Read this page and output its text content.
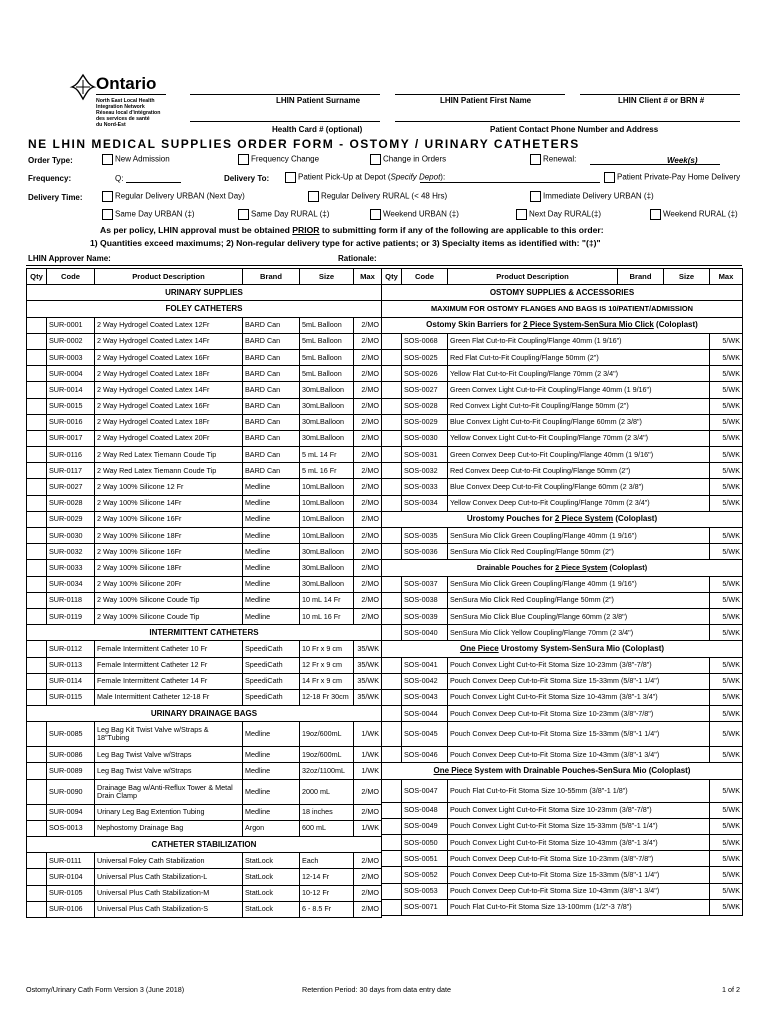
Ontario
North East Local Health
Integration Network
Réseau local d'intégration
des services de santé
du Nord-Est
LHIN Patient Surname	LHIN Patient First Name	LHIN Client # or BRN #
Health Card # (optional)	Patient Contact Phone Number and Address
NE LHIN MEDICAL SUPPLIES ORDER FORM - OSTOMY / URINARY CATHETERS
Order Type:	New Admission	Frequency Change	Change in Orders	Renewal:	Week(s)
Frequency:	Q:	Delivery To:	Patient Pick-Up at Depot (Specify Depot):	Patient Private-Pay Home Delivery
Delivery Time:	Regular Delivery URBAN (Next Day)	Regular Delivery RURAL (< 48 Hrs)	Immediate Delivery URBAN (‡)
Same Day URBAN (‡)	Same Day RURAL (‡)	Weekend URBAN (‡)	Next Day RURAL(‡)	Weekend RURAL (‡)
As per policy, LHIN approval must be obtained PRIOR to submitting form if any of the following are applicable to this order:
1) Quantities exceed maximums; 2) Non-regular delivery type for active patients; or 3) Specialty items as identified with: "(‡)"
LHIN Approver Name:	Rationale:
Qty	Code	Product Description	Brand	Size	Max
URINARY SUPPLIES					
FOLEY CATHETERS					
	SUR-0001	2 Way Hydrogel Coated Latex 12Fr	BARD Can	5mL Balloon	2/MO
	SUR-0002	2 Way Hydrogel Coated Latex 14Fr	BARD Can	5mL Balloon	2/MO
	SUR-0003	2 Way Hydrogel Coated Latex 16Fr	BARD Can	5mL Balloon	2/MO
	SUR-0004	2 Way Hydrogel Coated Latex 18Fr	BARD Can	5mL Balloon	2/MO
	SUR-0014	2 Way Hydrogel Coated Latex 14Fr	BARD Can	30mLBalloon	2/MO
	SUR-0015	2 Way Hydrogel Coated Latex 16Fr	BARD Can	30mLBalloon	2/MO
	SUR-0016	2 Way Hydrogel Coated Latex 18Fr	BARD Can	30mLBalloon	2/MO
	SUR-0017	2 Way Hydrogel Coated Latex 20Fr	BARD Can	30mLBalloon	2/MO
	SUR-0116	2 Way Red Latex Tiemann Coude Tip	BARD Can	5 mL 14 Fr	2/MO
	SUR-0117	2 Way Red Latex Tiemann Coude Tip	BARD Can	5 mL 16 Fr	2/MO
	SUR-0027	2 Way 100% Silicone 12 Fr	Medline	10mLBalloon	2/MO
	SUR-0028	2 Way 100% Silicone 14Fr	Medline	10mLBalloon	2/MO
	SUR-0029	2 Way 100% Silicone 16Fr	Medline	10mLBalloon	2/MO
	SUR-0030	2 Way 100% Silicone 18Fr	Medline	10mLBalloon	2/MO
	SUR-0032	2 Way 100% Silicone 16Fr	Medline	30mLBalloon	2/MO
	SUR-0033	2 Way 100% Silicone 18Fr	Medline	30mLBalloon	2/MO
	SUR-0034	2 Way 100% Silicone 20Fr	Medline	30mLBalloon	2/MO
	SUR-0118	2 Way 100% Silicone Coude Tip	Medline	10 mL 14 Fr	2/MO
	SUR-0119	2 Way 100% Silicone Coude Tip	Medline	10 mL 16 Fr	2/MO
INTERMITTENT CATHETERS					
	SUR-0112	Female Intermittent Catheter 10 Fr	SpeediCath	10 Fr x 9 cm	35/WK
	SUR-0113	Female Intermittent Catheter 12 Fr	SpeediCath	12 Fr x 9 cm	35/WK
	SUR-0114	Female Intermittent Catheter 14 Fr	SpeediCath	14 Fr x 9 cm	35/WK
	SUR-0115	Male Intermittent Catheter 12-18 Fr	SpeediCath	12-18 Fr 30cm	35/WK
URINARY DRAINAGE BAGS					
	SUR-0085	Leg Bag Kit Twist Valve w/Straps & 18"Tubing	Medline	19oz/600mL	1/WK
	SUR-0086	Leg Bag Twist Valve w/Straps	Medline	19oz/600mL	1/WK
	SUR-0089	Leg Bag Twist Valve w/Straps	Medline	32oz/1100mL	1/WK
	SUR-0090	Drainage Bag w/Anti-Reflux Tower & Metal Drain Clamp	Medline	2000 mL	2/MO
	SUR-0094	Urinary Leg Bag Extention Tubing	Medline	18 inches	2/MO
	SOS-0013	Nephostomy Drainage Bag	Argon	600 mL	1/WK
CATHETER STABILIZATION					
	SUR-0111	Universal Foley Cath Stabilization	StatLock	Each	2/MO
	SUR-0104	Universal Plus Cath Stabilization-L	StatLock	12-14 Fr	2/MO
	SUR-0105	Universal Plus Cath Stabilization-M	StatLock	10-12 Fr	2/MO
	SUR-0106	Universal Plus Cath Stabilization-S	StatLock	6 - 8.5 Fr	2/MO
Qty	Code	Product Description	Brand	Size	Max
OSTOMY SUPPLIES & ACCESSORIES					
MAXIMUM FOR OSTOMY FLANGES AND BAGS IS 10/PATIENT/ADMISSION					
Ostomy Skin Barriers for 2 Piece System-SenSura Mio Click (Coloplast)					
	SOS-0068	Green Flat Cut-to-Fit Coupling/Flange 40mm (1 9/16")			5/WK
	SOS-0025	Red Flat Cut-to-Fit Coupling/Flange 50mm (2")			5/WK
	SOS-0026	Yellow Flat Cut-to-Fit Coupling/Flange 70mm (2 3/4")			5/WK
	SOS-0027	Green Convex Light Cut-to-Fit Coupling/Flange 40mm (1 9/16")			5/WK
	SOS-0028	Red Convex Light Cut-to-Fit Coupling/Flange 50mm (2")			5/WK
	SOS-0029	Blue Convex Light Cut-to-Fit Coupling/Flange 60mm (2 3/8")			5/WK
	SOS-0030	Yellow Convex Light Cut-to-Fit Coupling/Flange 70mm (2 3/4")			5/WK
	SOS-0031	Green Convex Deep Cut-to-Fit Coupling/Flange 40mm (1 9/16")			5/WK
	SOS-0032	Red Convex Deep Cut-to-Fit Coupling/Flange 50mm (2")			5/WK
	SOS-0033	Blue Convex Deep Cut-to-Fit Coupling/Flange 60mm (2 3/8")			5/WK
	SOS-0034	Yellow Convex Deep Cut-to-Fit Coupling/Flange 70mm (2 3/4")			5/WK
Urostomy Pouches for 2 Piece System (Coloplast)					
	SOS-0035	SenSura Mio Click Green Coupling/Flange 40mm (1 9/16")			5/WK
	SOS-0036	SenSura Mio Click Red Coupling/Flange 50mm (2")			5/WK
Drainable Pouches for 2 Piece System (Coloplast)					
	SOS-0037	SenSura Mio Click Green Coupling/Flange 40mm (1 9/16")			5/WK
	SOS-0038	SenSura Mio Click Red Coupling/Flange 50mm (2")			5/WK
	SOS-0039	SenSura Mio Click Blue Coupling/Flange 60mm (2 3/8")			5/WK
	SOS-0040	SenSura Mio Click Yellow Coupling/Flange 70mm (2 3/4")			5/WK
One Piece Urostomy System-SenSura Mio (Coloplast)					
	SOS-0041	Pouch Convex Light Cut-to-Fit Stoma Size 10-23mm (3/8"-7/8")			5/WK
	SOS-0042	Pouch Convex Deep Cut-to-Fit Stoma Size 15-33mm (5/8"-1 1/4")			5/WK
	SOS-0043	Pouch Convex Light Cut-to-Fit Stoma Size 10-43mm (3/8"-1 3/4")			5/WK
	SOS-0044	Pouch Convex Deep Cut-to-Fit Stoma Size 10-23mm (3/8"-7/8")			5/WK
	SOS-0045	Pouch Convex Deep Cut-to-Fit Stoma Size 15-33mm (5/8"-1 1/4")			5/WK
	SOS-0046	Pouch Convex Deep Cut-to-Fit Stoma Size 10-43mm (3/8"-1 3/4")			5/WK
One Piece System with Drainable Pouches-SenSura Mio (Coloplast)					
	SOS-0047	Pouch Flat Cut-to-Fit Stoma Size 10-55mm (3/8"-1 1/8")			5/WK
	SOS-0048	Pouch Convex Light Cut-to-Fit Stoma Size 10-23mm (3/8"-7/8")			5/WK
	SOS-0049	Pouch Convex Light Cut-to-Fit Stoma Size 15-33mm (5/8"-1 1/4")			5/WK
	SOS-0050	Pouch Convex Light Cut-to-Fit Stoma Size 10-43mm (3/8"-1 3/4")			5/WK
	SOS-0051	Pouch Convex Deep Cut-to-Fit Stoma Size 10-23mm (3/8"-7/8")			5/WK
	SOS-0052	Pouch Convex Deep Cut-to-Fit Stoma Size 15-33mm (5/8"-1 1/4")			5/WK
	SOS-0053	Pouch Convex Deep Cut-to-Fit Stoma Size 10-43mm (3/8"-1 3/4")			5/WK
	SOS-0071	Pouch Flat Cut-to-Fit Stoma Size 13-100mm (1/2"-3 7/8")			5/WK
Ostomy/Urinary Cath Form Version 3 (June 2018)	Retention Period: 30 days from data entry date	1 of 2
